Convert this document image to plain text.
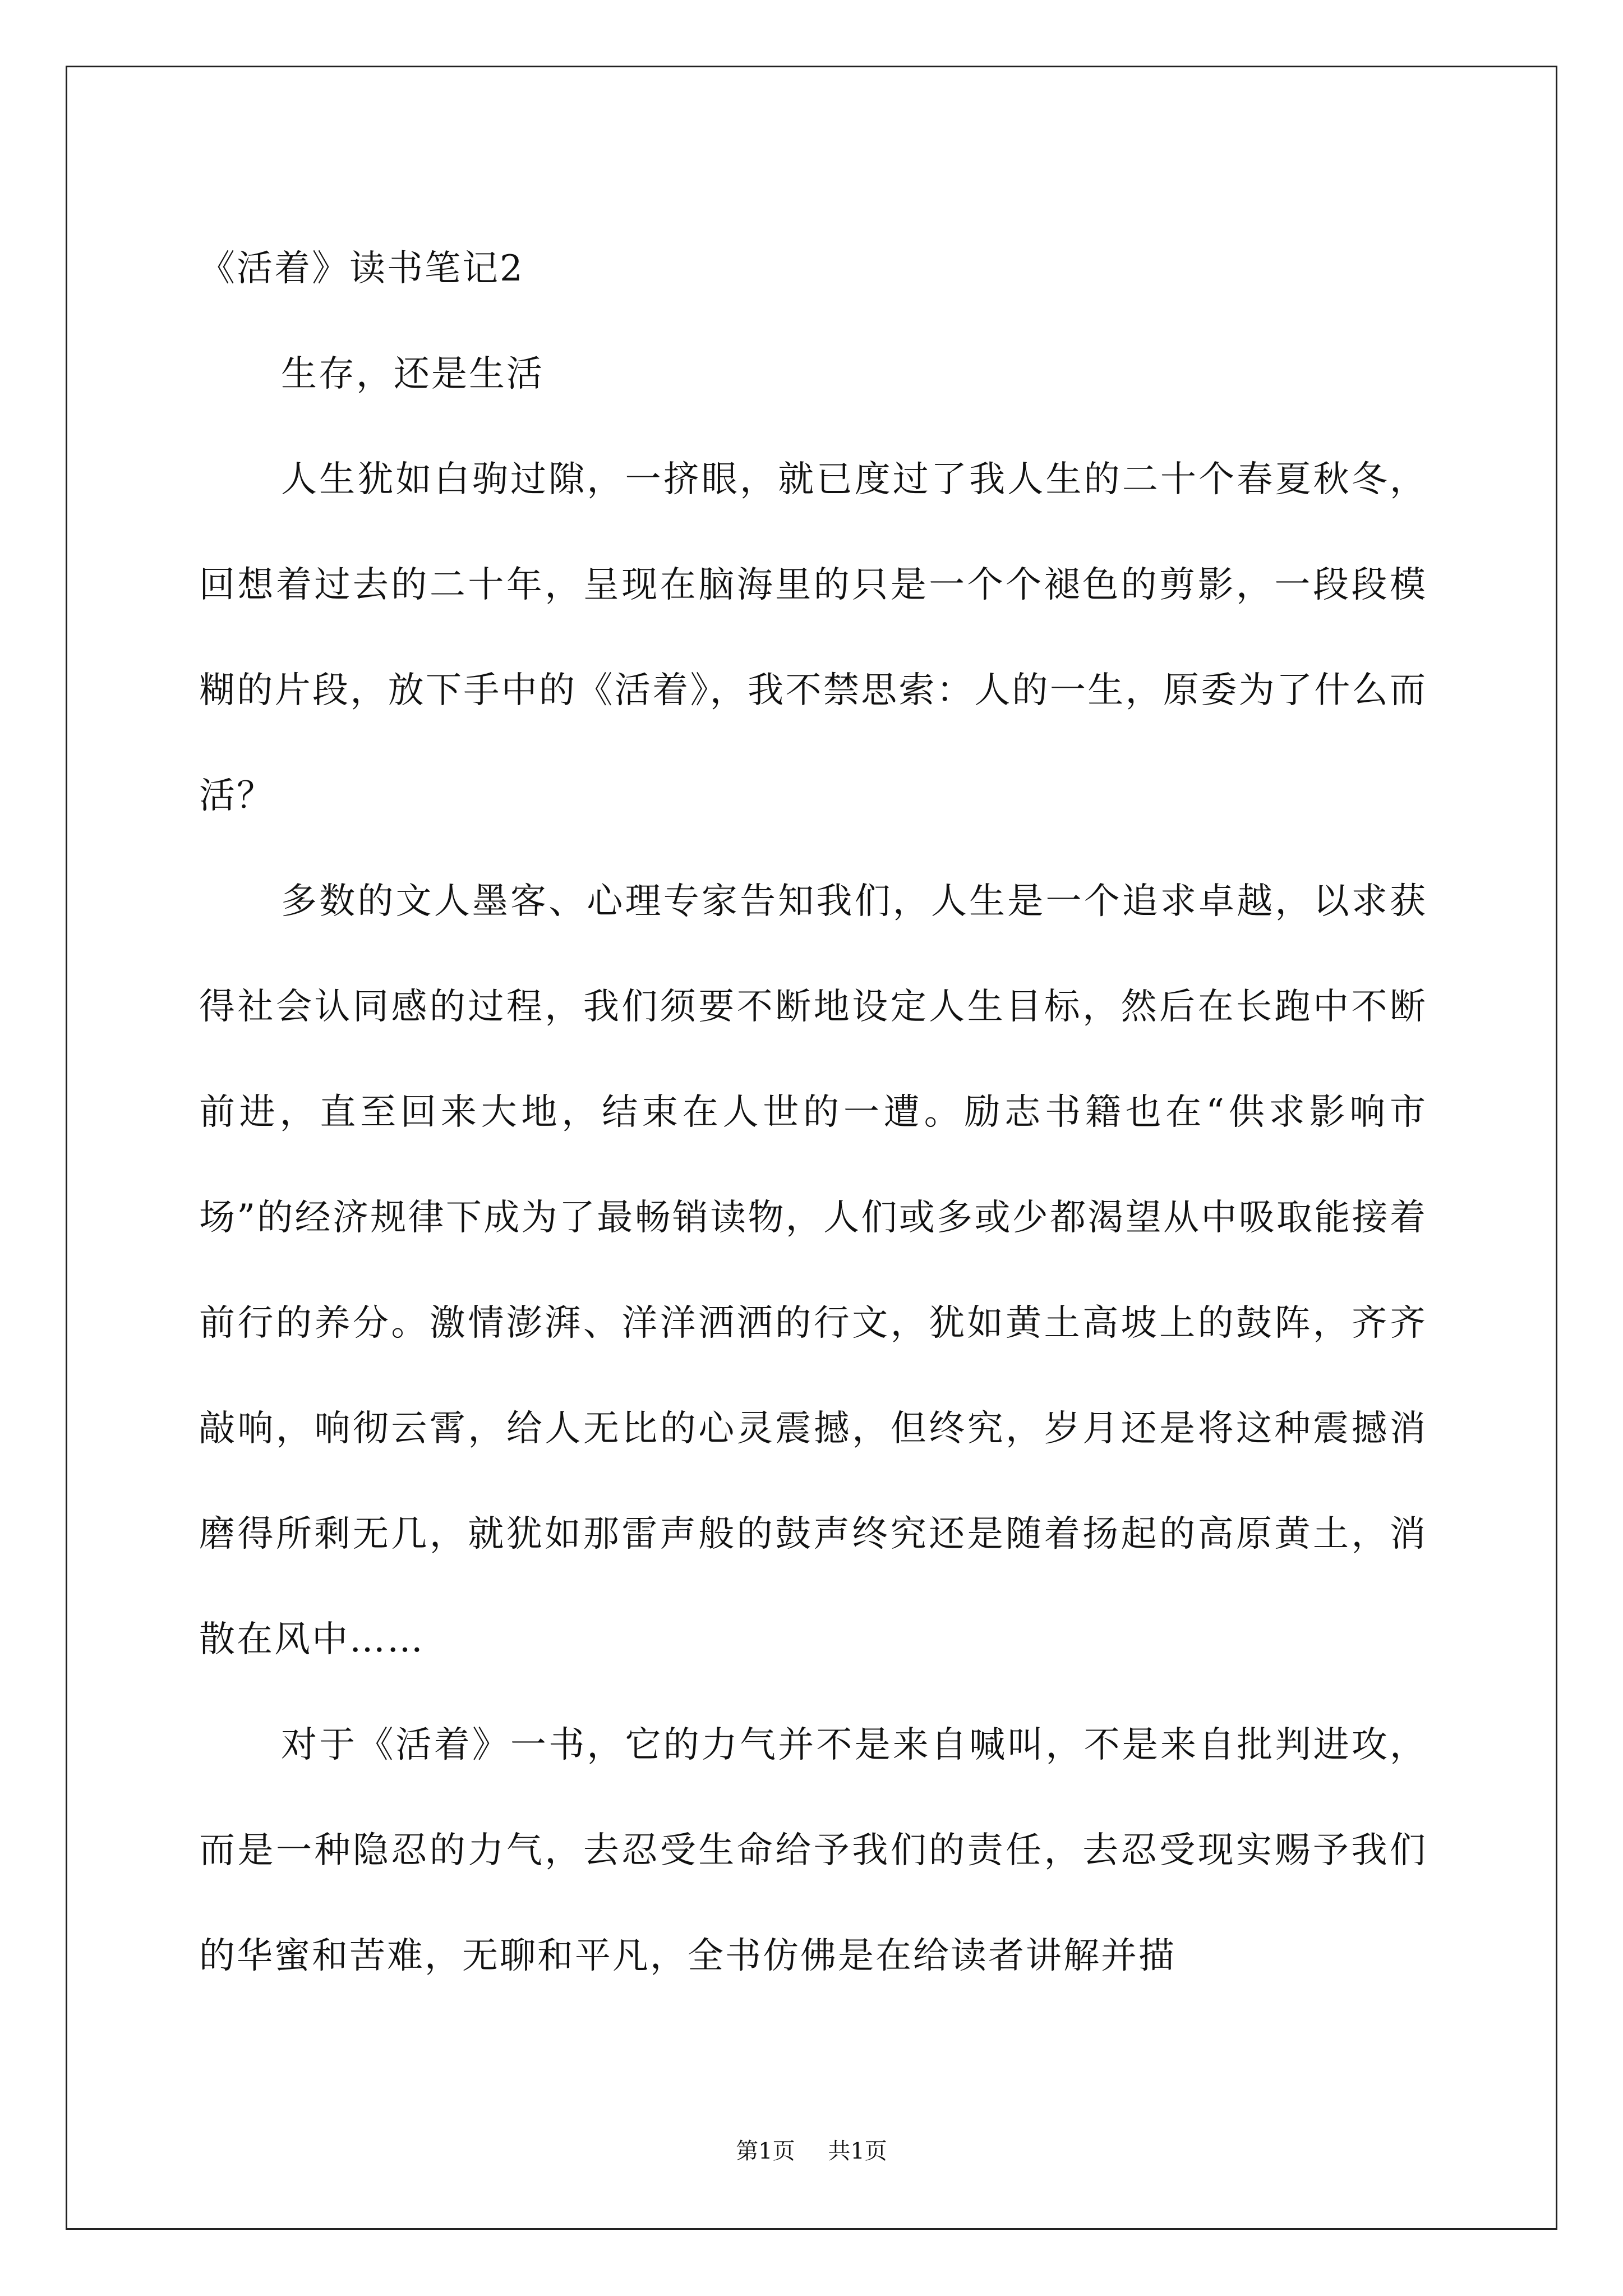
《活着》读书笔记2

生存，还是生活

人生犹如白驹过隙，一挤眼，就已度过了我人生的二十个春夏秋冬，回想着过去的二十年，呈现在脑海里的只是一个个褪色的剪影，一段段模糊的片段，放下手中的《活着》，我不禁思索：人的一生，原委为了什么而活？

多数的文人墨客、心理专家告知我们，人生是一个追求卓越，以求获得社会认同感的过程，我们须要不断地设定人生目标，然后在长跑中不断前进，直至回来大地，结束在人世的一遭。励志书籍也在“供求影响市场”的经济规律下成为了最畅销读物，人们或多或少都渴望从中吸取能接着前行的养分。激情澎湃、洋洋洒洒的行文，犹如黄土高坡上的鼓阵，齐齐敲响，响彻云霄，给人无比的心灵震撼，但终究，岁月还是将这种震撼消磨得所剩无几，就犹如那雷声般的鼓声终究还是随着扬起的高原黄土，消散在风中……

对于《活着》一书，它的力气并不是来自喊叫，不是来自批判进攻，而是一种隐忍的力气，去忍受生命给予我们的责任，去忍受现实赐予我们的华蜜和苦难，无聊和平凡，全书仿佛是在给读者讲解并描

第1页 共1页
